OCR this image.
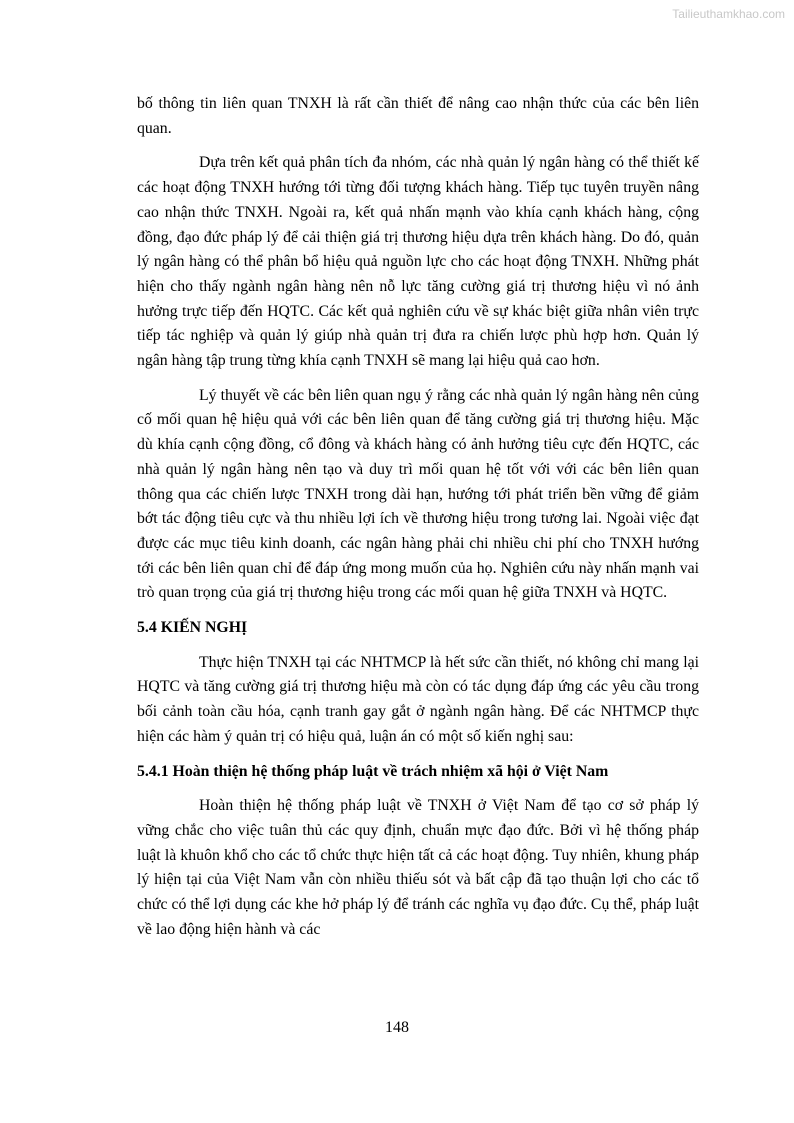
Tailieuthamkhao.com

bố thông tin liên quan TNXH là rất cần thiết để nâng cao nhận thức của các bên liên quan.

Dựa trên kết quả phân tích đa nhóm, các nhà quản lý ngân hàng có thể thiết kế các hoạt động TNXH hướng tới từng đối tượng khách hàng. Tiếp tục tuyên truyền nâng cao nhận thức TNXH. Ngoài ra, kết quả nhấn mạnh vào khía cạnh khách hàng, cộng đồng, đạo đức pháp lý để cải thiện giá trị thương hiệu dựa trên khách hàng. Do đó, quản lý ngân hàng có thể phân bổ hiệu quả nguồn lực cho các hoạt động TNXH. Những phát hiện cho thấy ngành ngân hàng nên nỗ lực tăng cường giá trị thương hiệu vì nó ảnh hưởng trực tiếp đến HQTC. Các kết quả nghiên cứu về sự khác biệt giữa nhân viên trực tiếp tác nghiệp và quản lý giúp nhà quản trị đưa ra chiến lược phù hợp hơn. Quản lý ngân hàng tập trung từng khía cạnh TNXH sẽ mang lại hiệu quả cao hơn.

Lý thuyết về các bên liên quan ngụ ý rằng các nhà quản lý ngân hàng nên củng cố mối quan hệ hiệu quả với các bên liên quan để tăng cường giá trị thương hiệu. Mặc dù khía cạnh cộng đồng, cổ đông và khách hàng có ảnh hưởng tiêu cực đến HQTC, các nhà quản lý ngân hàng nên tạo và duy trì mối quan hệ tốt với với các bên liên quan thông qua các chiến lược TNXH trong dài hạn, hướng tới phát triển bền vững để giảm bớt tác động tiêu cực và thu nhiều lợi ích về thương hiệu trong tương lai. Ngoài việc đạt được các mục tiêu kinh doanh, các ngân hàng phải chi nhiều chi phí cho TNXH hướng tới các bên liên quan chỉ để đáp ứng mong muốn của họ. Nghiên cứu này nhấn mạnh vai trò quan trọng của giá trị thương hiệu trong các mối quan hệ giữa TNXH và HQTC.

5.4 KIẾN NGHỊ

Thực hiện TNXH tại các NHTMCP là hết sức cần thiết, nó không chỉ mang lại HQTC và tăng cường giá trị thương hiệu mà còn có tác dụng đáp ứng các yêu cầu trong bối cảnh toàn cầu hóa, cạnh tranh gay gắt ở ngành ngân hàng. Để các NHTMCP thực hiện các hàm ý quản trị có hiệu quả, luận án có một số kiến nghị sau:

5.4.1 Hoàn thiện hệ thống pháp luật về trách nhiệm xã hội ở Việt Nam

Hoàn thiện hệ thống pháp luật về TNXH ở Việt Nam để tạo cơ sở pháp lý vững chắc cho việc tuân thủ các quy định, chuẩn mực đạo đức. Bởi vì hệ thống pháp luật là khuôn khổ cho các tổ chức thực hiện tất cả các hoạt động. Tuy nhiên, khung pháp lý hiện tại của Việt Nam vẫn còn nhiều thiếu sót và bất cập đã tạo thuận lợi cho các tổ chức có thể lợi dụng các khe hở pháp lý để tránh các nghĩa vụ đạo đức. Cụ thể, pháp luật về lao động hiện hành và các

148
